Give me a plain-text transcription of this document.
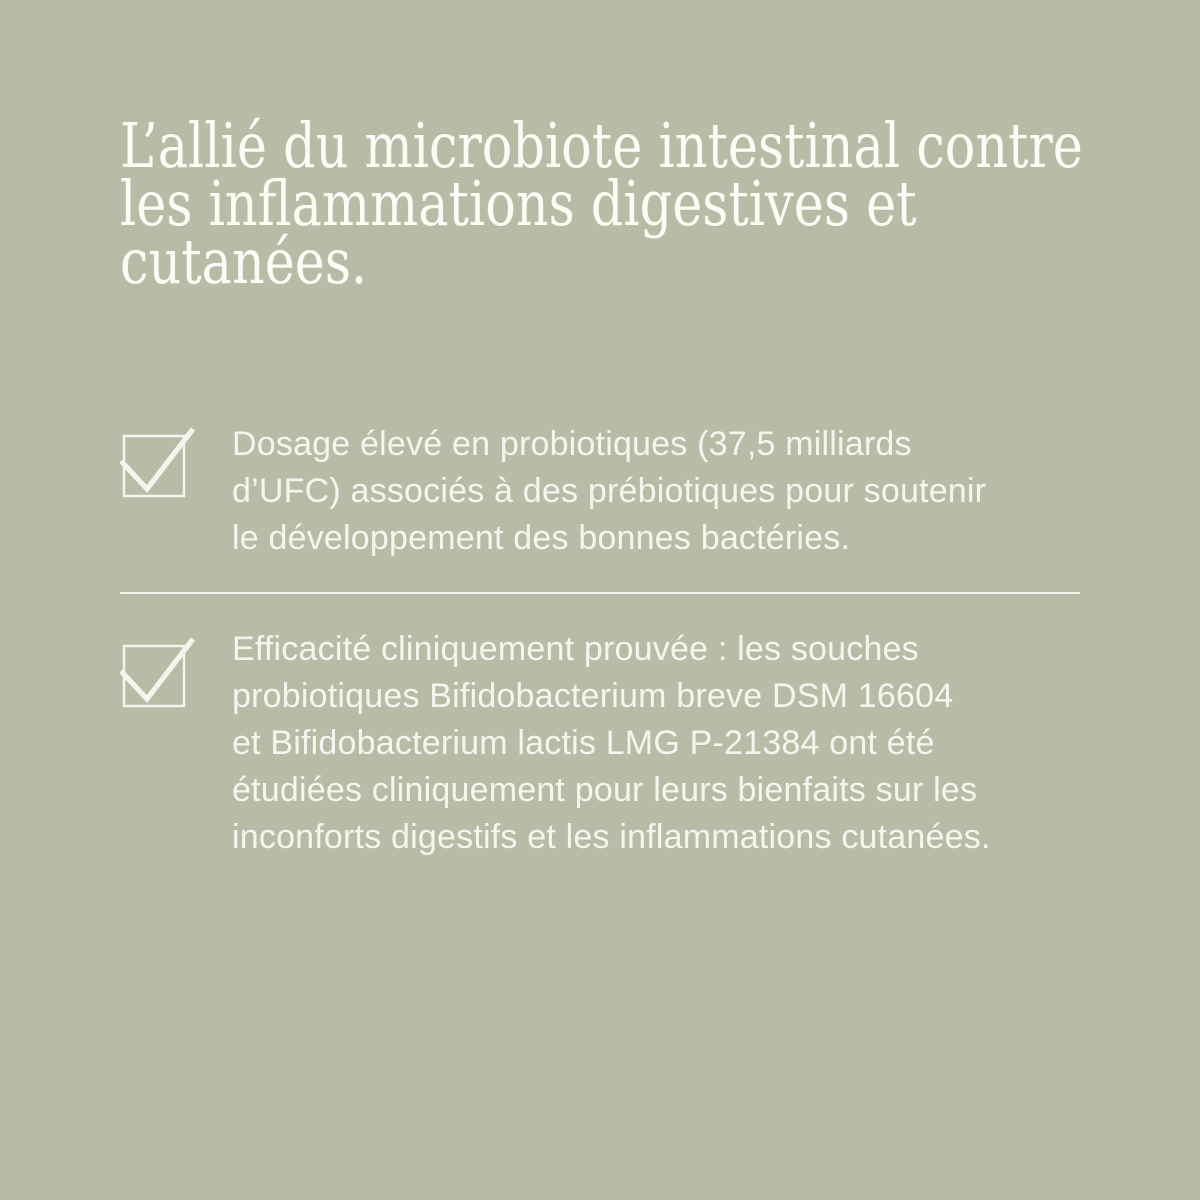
L’allié du microbiote intestinal contre
les inflammations digestives et
cutanées.

Dosage élevé en probiotiques (37,5 milliards
d’UFC) associés à des prébiotiques pour soutenir
le développement des bonnes bactéries.

Efficacité cliniquement prouvée : les souches
probiotiques Bifidobacterium breve DSM 16604
et Bifidobacterium lactis LMG P-21384 ont été
étudiées cliniquement pour leurs bienfaits sur les
inconforts digestifs et les inflammations cutanées.
